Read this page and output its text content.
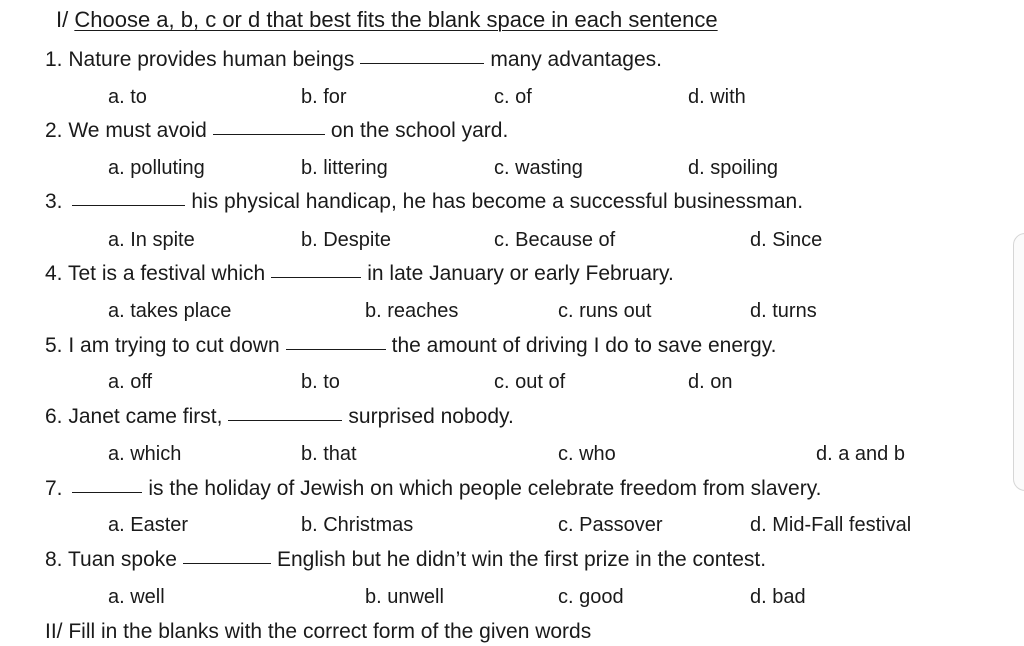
I/ Choose a, b, c or d that best fits the blank space in each sentence
1. Nature provides human beings	many advantages.
a. to	b. for	c. of	d. with
2. We must avoid	on the school yard.
a. polluting	b. littering	c. wasting	d. spoiling
3.	his physical handicap, he has become a successful businessman.
a. In spite	b. Despite	c. Because of	d. Since
4. Tet is a festival which	in late January or early February.
a. takes place	b. reaches	c. runs out	d. turns
5. I am trying to cut down	the amount of driving I do to save energy.
a. off	b. to	c. out of	d. on
6. Janet came first,	surprised nobody.
a. which	b. that	c. who	d. a and b
7.	is the holiday of Jewish on which people celebrate freedom from slavery.
a. Easter	b. Christmas	c. Passover	d. Mid-Fall festival
8. Tuan spoke	English but he didn’t win the first prize in the contest.
a. well	b. unwell	c. good	d. bad
II/ Fill in the blanks with the correct form of the given words
